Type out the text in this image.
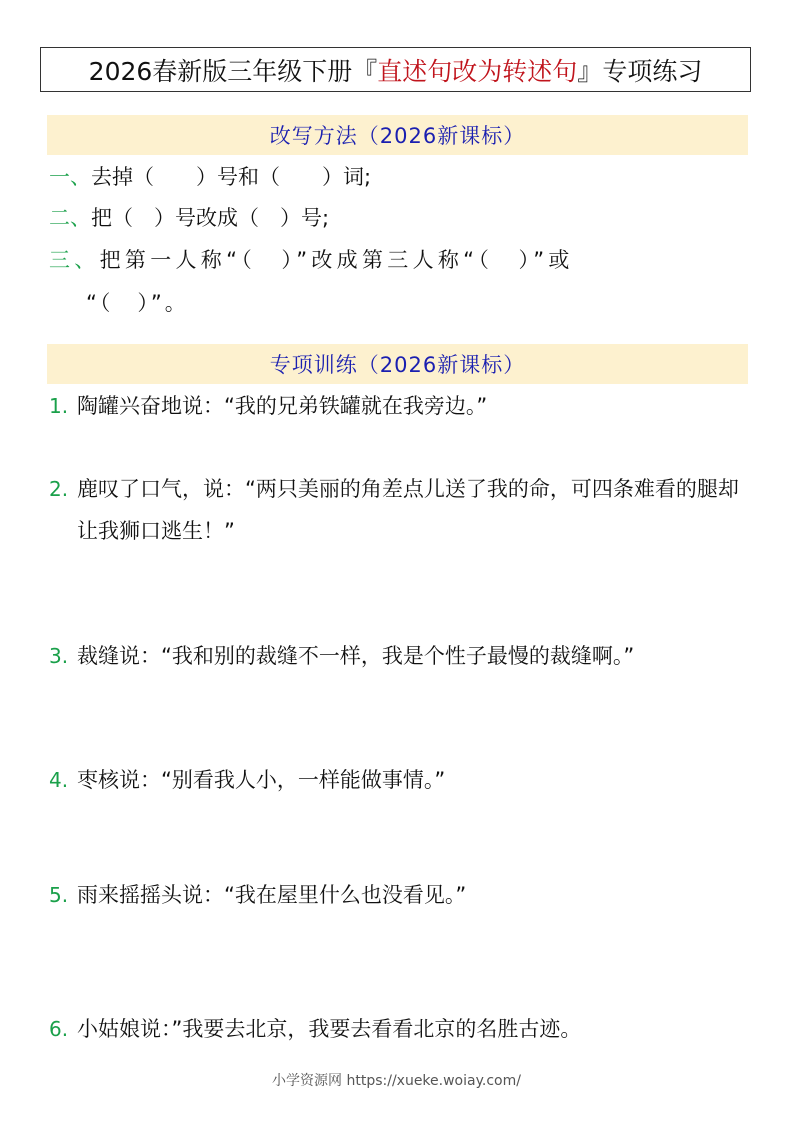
2026春新版三年级下册『 直述句改为转述句 』专项练习
改写方法（2026新课标）
一、去掉（　　）号和（　　）词;
二、把（　）号改成（　）号;
三、把第一人称“（　）”改成第三人称“（　）”或
“（　）”。
专项训练（2026新课标）
1. 陶罐兴奋地说：“我的兄弟铁罐就在我旁边。”
2. 鹿叹了口气，说：“两只美丽的角差点儿送了我的命，可四条难看的腿却让我狮口逃生！”
3. 裁缝说：“我和别的裁缝不一样，我是个性子最慢的裁缝啊。”
4. 枣核说：“别看我人小，一样能做事情。”
5. 雨来摇摇头说：“我在屋里什么也没看见。”
6. 小姑娘说：”我要去北京，我要去看看北京的名胜古迹。
小学资源网 https://xueke.woiay.com/
